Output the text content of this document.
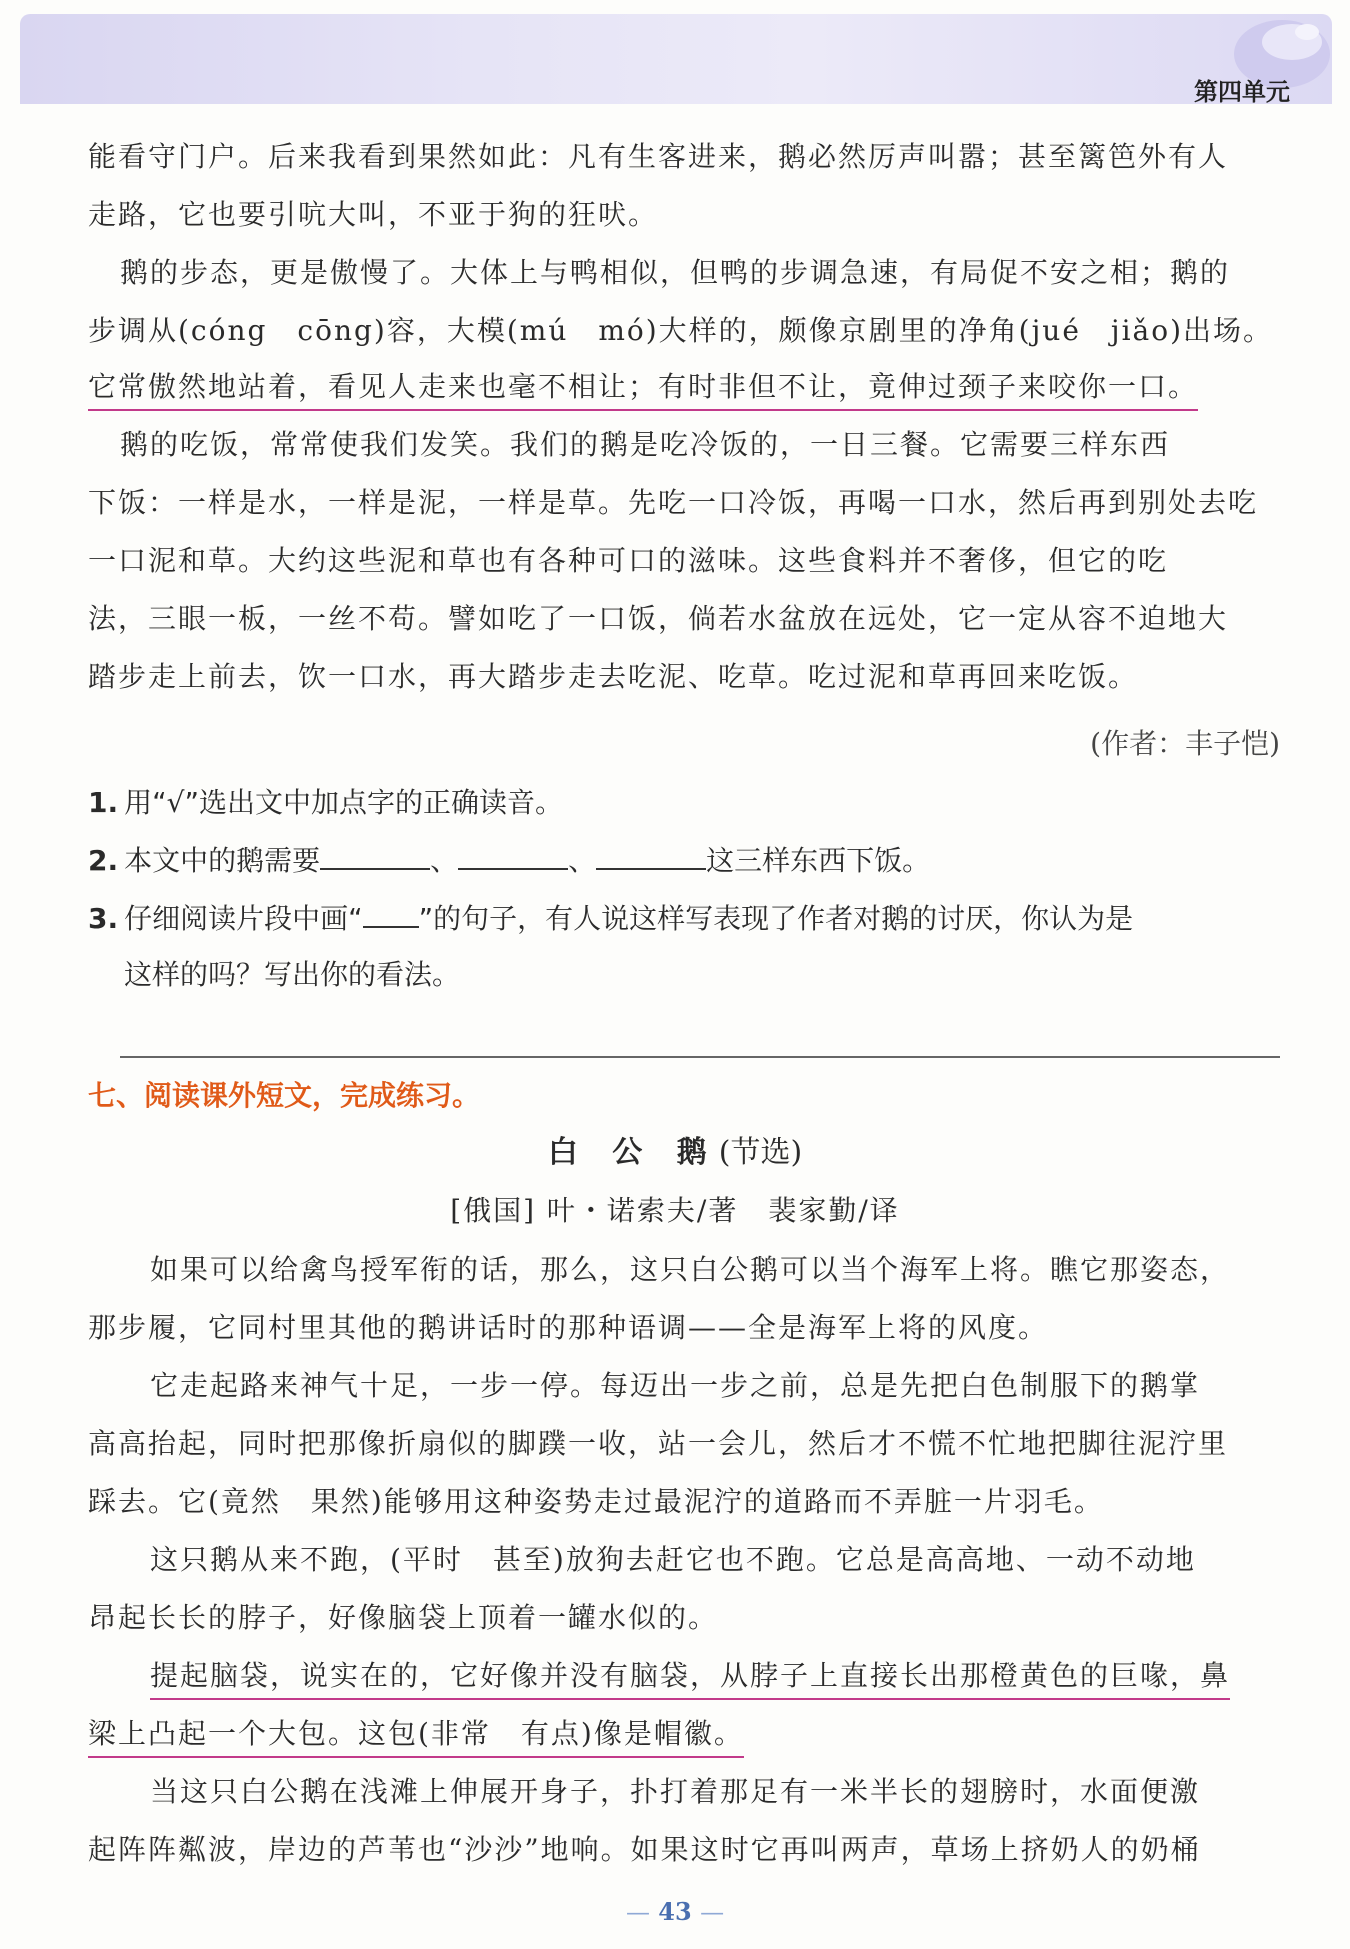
第四单元
能看守门户。后来我看到果然如此：凡有生客进来，鹅必然厉声叫嚣；甚至篱笆外有人
走路，它也要引吭大叫，不亚于狗的狂吠。
鹅的步态，更是傲慢了。大体上与鸭相似，但鸭的步调急速，有局促不安之相；鹅的
步调从(cóng　cōng)容，大模(mú　mó)大样的，颇像京剧里的净角(jué　jiǎo)出场。
它常傲然地站着，看见人走来也毫不相让；有时非但不让，竟伸过颈子来咬你一口。
鹅的吃饭，常常使我们发笑。我们的鹅是吃冷饭的，一日三餐。它需要三样东西
下饭：一样是水，一样是泥，一样是草。先吃一口冷饭，再喝一口水，然后再到别处去吃
一口泥和草。大约这些泥和草也有各种可口的滋味。这些食料并不奢侈，但它的吃
法，三眼一板，一丝不苟。譬如吃了一口饭，倘若水盆放在远处，它一定从容不迫地大
踏步走上前去，饮一口水，再大踏步走去吃泥、吃草。吃过泥和草再回来吃饭。
(作者：丰子恺)
1. 用“√”选出文中加点字的正确读音。
2. 本文中的鹅需要	、	、	这三样东西下饭。
3. 仔细阅读片段中画“ ”的句子，有人说这样写表现了作者对鹅的讨厌，你认为是
这样的吗？写出你的看法。
七、阅读课外短文，完成练习。
白 公 鹅(节选)
[俄国] 叶・诺索夫/著　裴家勤/译
如果可以给禽鸟授军衔的话，那么，这只白公鹅可以当个海军上将。瞧它那姿态，
那步履，它同村里其他的鹅讲话时的那种语调——全是海军上将的风度。
它走起路来神气十足，一步一停。每迈出一步之前，总是先把白色制服下的鹅掌
高高抬起，同时把那像折扇似的脚蹼一收，站一会儿，然后才不慌不忙地把脚往泥泞里
踩去。它(竟然　果然)能够用这种姿势走过最泥泞的道路而不弄脏一片羽毛。
这只鹅从来不跑，(平时　甚至)放狗去赶它也不跑。它总是高高地、一动不动地
昂起长长的脖子，好像脑袋上顶着一罐水似的。
提起脑袋，说实在的，它好像并没有脑袋，从脖子上直接长出那橙黄色的巨喙，鼻
梁上凸起一个大包。这包(非常　有点)像是帽徽。
当这只白公鹅在浅滩上伸展开身子，扑打着那足有一米半长的翅膀时，水面便激
起阵阵粼波，岸边的芦苇也“沙沙”地响。如果这时它再叫两声，草场上挤奶人的奶桶
— 43 —
